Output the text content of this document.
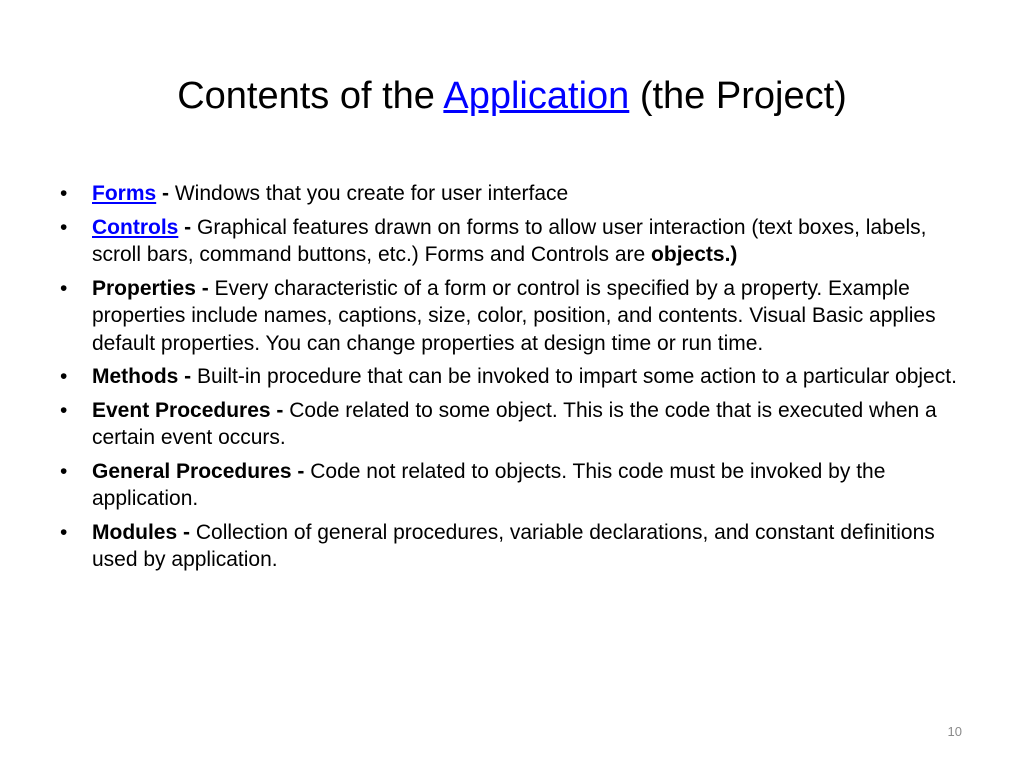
Contents of the Application (the Project)
• Forms - Windows that you create for user interface
• Controls - Graphical features drawn on forms to allow user interaction (text boxes, labels, scroll bars, command buttons, etc.) Forms and Controls are objects.)
• Properties - Every characteristic of a form or control is specified by a property. Example properties include names, captions, size, color, position, and contents. Visual Basic applies default properties. You can change properties at design time or run time.
• Methods - Built-in procedure that can be invoked to impart some action to a particular object.
• Event Procedures - Code related to some object. This is the code that is executed when a certain event occurs.
• General Procedures - Code not related to objects. This code must be invoked by the application.
• Modules - Collection of general procedures, variable declarations, and constant definitions used by application.
10
